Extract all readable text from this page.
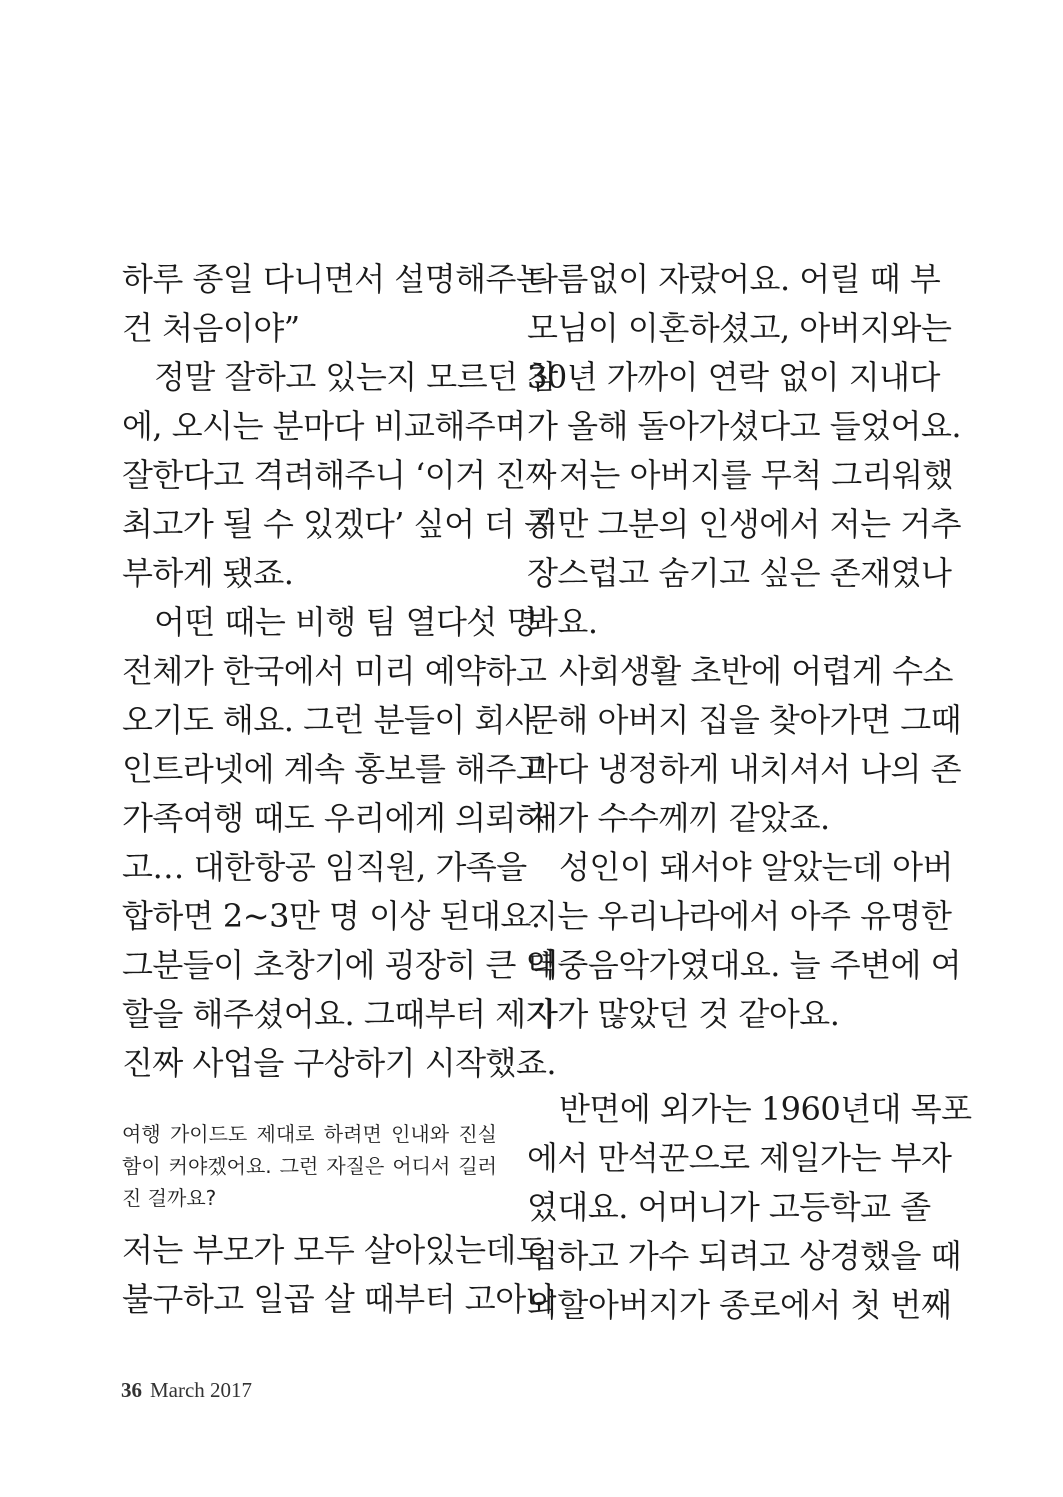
하루 종일 다니면서 설명해주는
건 처음이야”
정말 잘하고 있는지 모르던 참
에, 오시는 분마다 비교해주며
잘한다고 격려해주니 ‘이거 진짜
최고가 될 수 있겠다’ 싶어 더 공
부하게 됐죠.
어떤 때는 비행 팀 열다섯 명
전체가 한국에서 미리 예약하고
오기도 해요. 그런 분들이 회사
인트라넷에 계속 홍보를 해주고
가족여행 때도 우리에게 의뢰하
고… 대한항공 임직원, 가족을
합하면 2~3만 명 이상 된대요.
그분들이 초창기에 굉장히 큰 역
할을 해주셨어요. 그때부터 제가
진짜 사업을 구상하기 시작했죠.
여행 가이드도 제대로 하려면 인내와 진실
함이 커야겠어요. 그런 자질은 어디서 길러
진 걸까요?
저는 부모가 모두 살아있는데도
불구하고 일곱 살 때부터 고아나
다름없이 자랐어요. 어릴 때 부
모님이 이혼하셨고, 아버지와는
30년 가까이 연락 없이 지내다
가 올해 돌아가셨다고 들었어요.
저는 아버지를 무척 그리워했
지만 그분의 인생에서 저는 거추
장스럽고 숨기고 싶은 존재였나
봐요.
사회생활 초반에 어렵게 수소
문해 아버지 집을 찾아가면 그때
마다 냉정하게 내치셔서 나의 존
재가 수수께끼 같았죠.
성인이 돼서야 알았는데 아버
지는 우리나라에서 아주 유명한
대중음악가였대요. 늘 주변에 여
자가 많았던 것 같아요.
반면에 외가는 1960년대 목포
에서 만석꾼으로 제일가는 부자
였대요. 어머니가 고등학교 졸
업하고 가수 되려고 상경했을 때
외할아버지가 종로에서 첫 번째
36 March 2017
